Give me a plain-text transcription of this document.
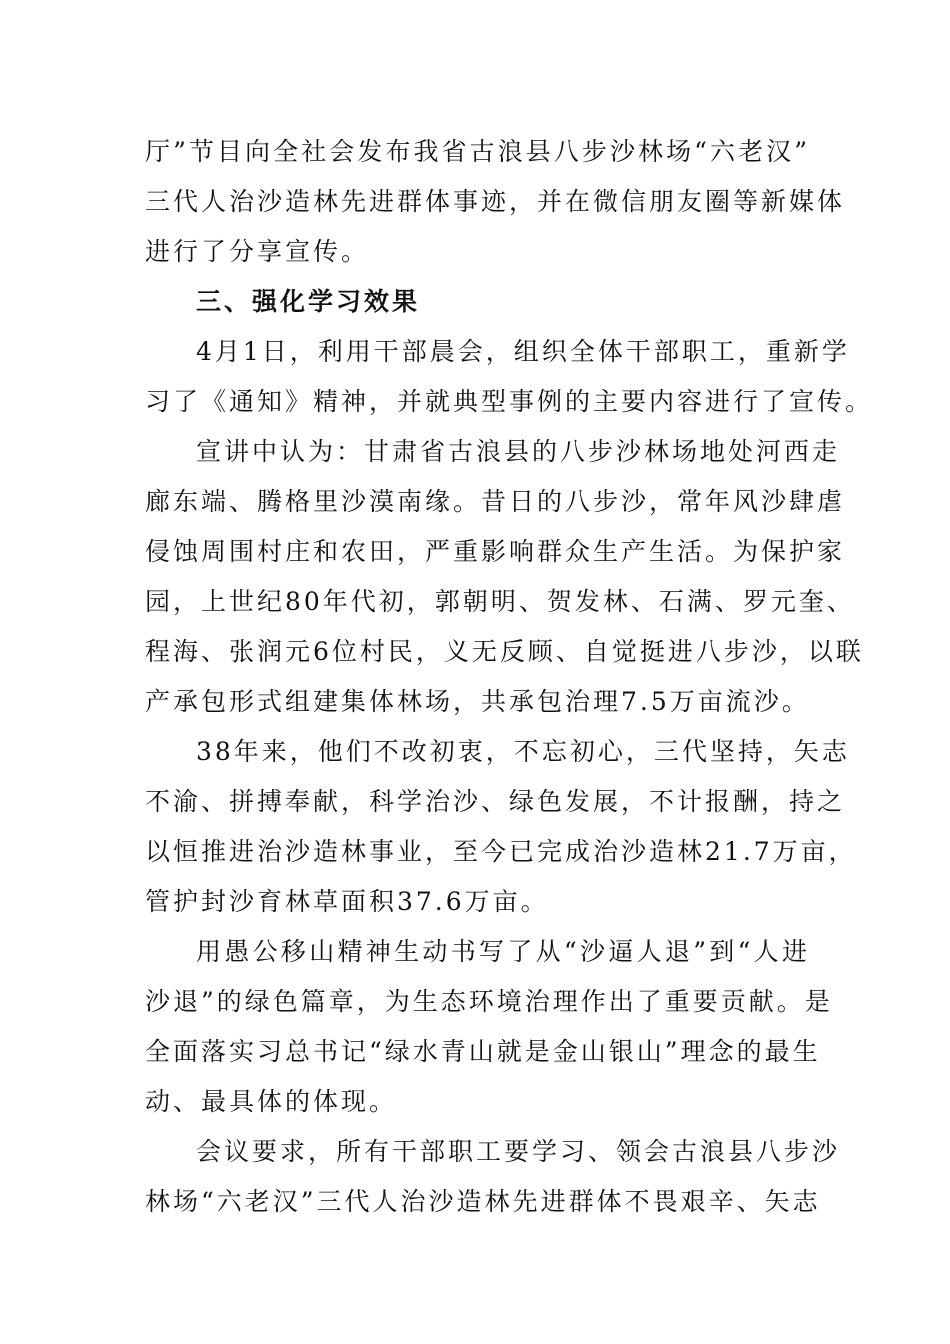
厅”节目向全社会发布我省古浪县八步沙林场“六老汉”
三代人治沙造林先进群体事迹，并在微信朋友圈等新媒体
进行了分享宣传。
三、强化学习效果
4月1日，利用干部晨会，组织全体干部职工，重新学
习了《通知》精神，并就典型事例的主要内容进行了宣传。
宣讲中认为：甘肃省古浪县的八步沙林场地处河西走
廊东端、腾格里沙漠南缘。昔日的八步沙，常年风沙肆虐
侵蚀周围村庄和农田，严重影响群众生产生活。为保护家
园，上世纪80年代初，郭朝明、贺发林、石满、罗元奎、
程海、张润元6位村民，义无反顾、自觉挺进八步沙，以联
产承包形式组建集体林场，共承包治理7.5万亩流沙。
38年来，他们不改初衷，不忘初心，三代坚持，矢志
不渝、拼搏奉献，科学治沙、绿色发展，不计报酬，持之
以恒推进治沙造林事业，至今已完成治沙造林21.7万亩，
管护封沙育林草面积37.6万亩。
用愚公移山精神生动书写了从“沙逼人退”到“人进
沙退”的绿色篇章，为生态环境治理作出了重要贡献。是
全面落实习总书记“绿水青山就是金山银山”理念的最生
动、最具体的体现。
会议要求，所有干部职工要学习、领会古浪县八步沙
林场“六老汉”三代人治沙造林先进群体不畏艰辛、矢志
